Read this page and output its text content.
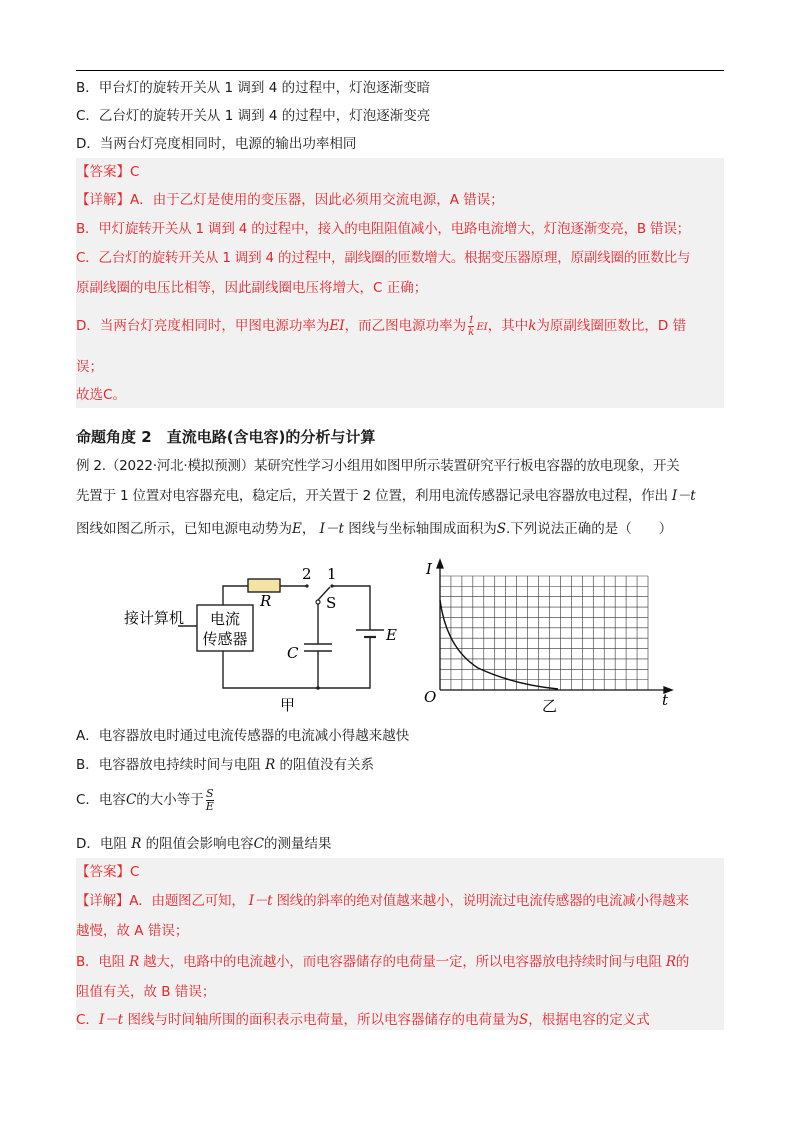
B．甲台灯的旋转开关从 1 调到 4 的过程中，灯泡逐渐变暗
C．乙台灯的旋转开关从 1 调到 4 的过程中，灯泡逐渐变亮
D．当两台灯亮度相同时，电源的输出功率相同
【答案】C
【详解】A．由于乙灯是使用的变压器，因此必须用交流电源，A 错误；
B．甲灯旋转开关从 1 调到 4 的过程中，接入的电阻阻值减小，电路电流增大，灯泡逐渐变亮，B 错误；
C．乙台灯的旋转开关从 1 调到 4 的过程中，副线圈的匝数增大。根据变压器原理，原副线圈的匝数比与
原副线圈的电压比相等，因此副线圈电压将增大，C 正确；
D．当两台灯亮度相同时，甲图电源功率为EI，而乙图电源功率为 $\frac{1}{k}$ EI，其中k为原副线圈匝数比，D 错
误；
故选C。
命题角度 2　 直流电路(含电容)的分析与计算
例 2.（2022·河北·模拟预测）某研究性学习小组用如图甲所示装置研究平行板电容器的放电现象，开关
先置于 1 位置对电容器充电，稳定后，开关置于 2 位置，利用电流传感器记录电容器放电过程，作出 I－t
图线如图乙所示，已知电源电动势为E， I－t 图线与坐标轴围成面积为S.下列说法正确的是（　　）
接计算机 电流
传感器
R
2 1
S
C
E
甲
I
O	t
乙
A．电容器放电时通过电流传感器的电流减小得越来越快
B．电容器放电持续时间与电阻 R 的阻值没有关系
C．电容C的大小等于 $\frac{S}{E}$
D．电阻 R 的阻值会影响电容C的测量结果
【答案】C
【详解】A．由题图乙可知， I－t 图线的斜率的绝对值越来越小，说明流过电流传感器的电流减小得越来
越慢，故 A 错误；
B．电阻 R 越大，电路中的电流越小，而电容器储存的电荷量一定，所以电容器放电持续时间与电阻 R的
阻值有关，故 B 错误；
C．I－t 图线与时间轴所围的面积表示电荷量，所以电容器储存的电荷量为S，根据电容的定义式
